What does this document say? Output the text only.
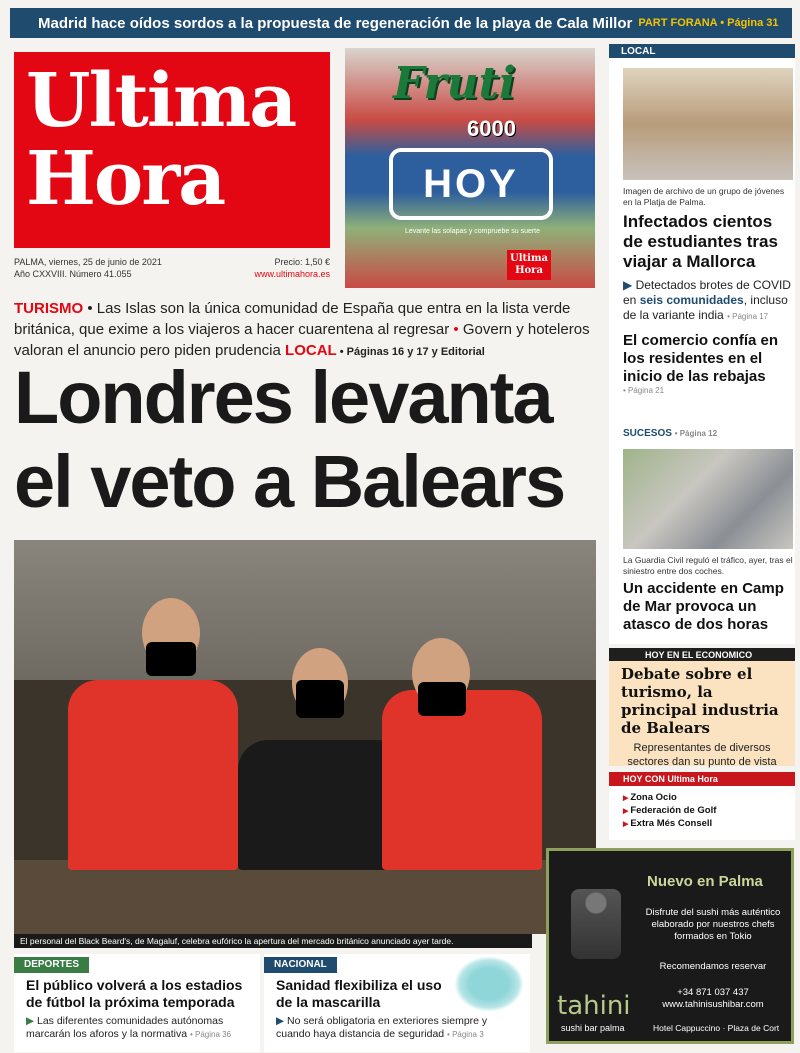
Madrid hace oídos sordos a la propuesta de regeneración de la playa de Cala Millor PART FORANA • Página 31
Ultima
Hora
PALMA, viernes, 25 de junio de 2021	Precio: 1,50 €
Año CXXVIII. Número 41.055	www.ultimahora.es
Fruti
6000
HOY
Levante las solapas y compruebe su suerte
Ultima
Hora
TURISMO • Las Islas son la única comunidad de España que entra en la lista verde británica, que exime a los viajeros a hacer cuarentena al regresar • Govern y hoteleros valoran el anuncio pero piden prudencia LOCAL • Páginas 16 y 17 y Editorial
Londres levanta
el veto a Balears
El personal del Black Beard's, de Magaluf, celebra eufórico la apertura del mercado británico anunciado ayer tarde.
LOCAL
Imagen de archivo de un grupo de jóvenes en la Platja de Palma.
Infectados cientos de estudiantes tras viajar a Mallorca
▶ Detectados brotes de COVID en seis comunidades, incluso de la variante india • Página 17
El comercio confía en los residentes en el inicio de las rebajas
• Página 21
SUCESOS • Página 12
La Guardia Civil reguló el tráfico, ayer, tras el siniestro entre dos coches.
Un accidente en Camp de Mar provoca un atasco de dos horas
HOY EN EL ECONOMICO
Debate sobre el turismo, la principal industria de Balears
Representantes de diversos sectores dan su punto de vista
HOY CON Ultima Hora
▶ Zona Ocio
▶ Federación de Golf
▶ Extra Més Consell
Nuevo en Palma
Disfrute del sushi más auténtico elaborado por nuestros chefs formados en Tokio
Recomendamos reservar
+34 871 037 437
www.tahinisushibar.com
tahini
sushi bar palma	Hotel Cappuccino · Plaza de Cort
DEPORTES
El público volverá a los estadios de fútbol la próxima temporada
▶ Las diferentes comunidades autónomas marcarán los aforos y la normativa • Página 36
NACIONAL
Sanidad flexibiliza el uso de la mascarilla
▶ No será obligatoria en exteriores siempre y cuando haya distancia de seguridad • Página 3
